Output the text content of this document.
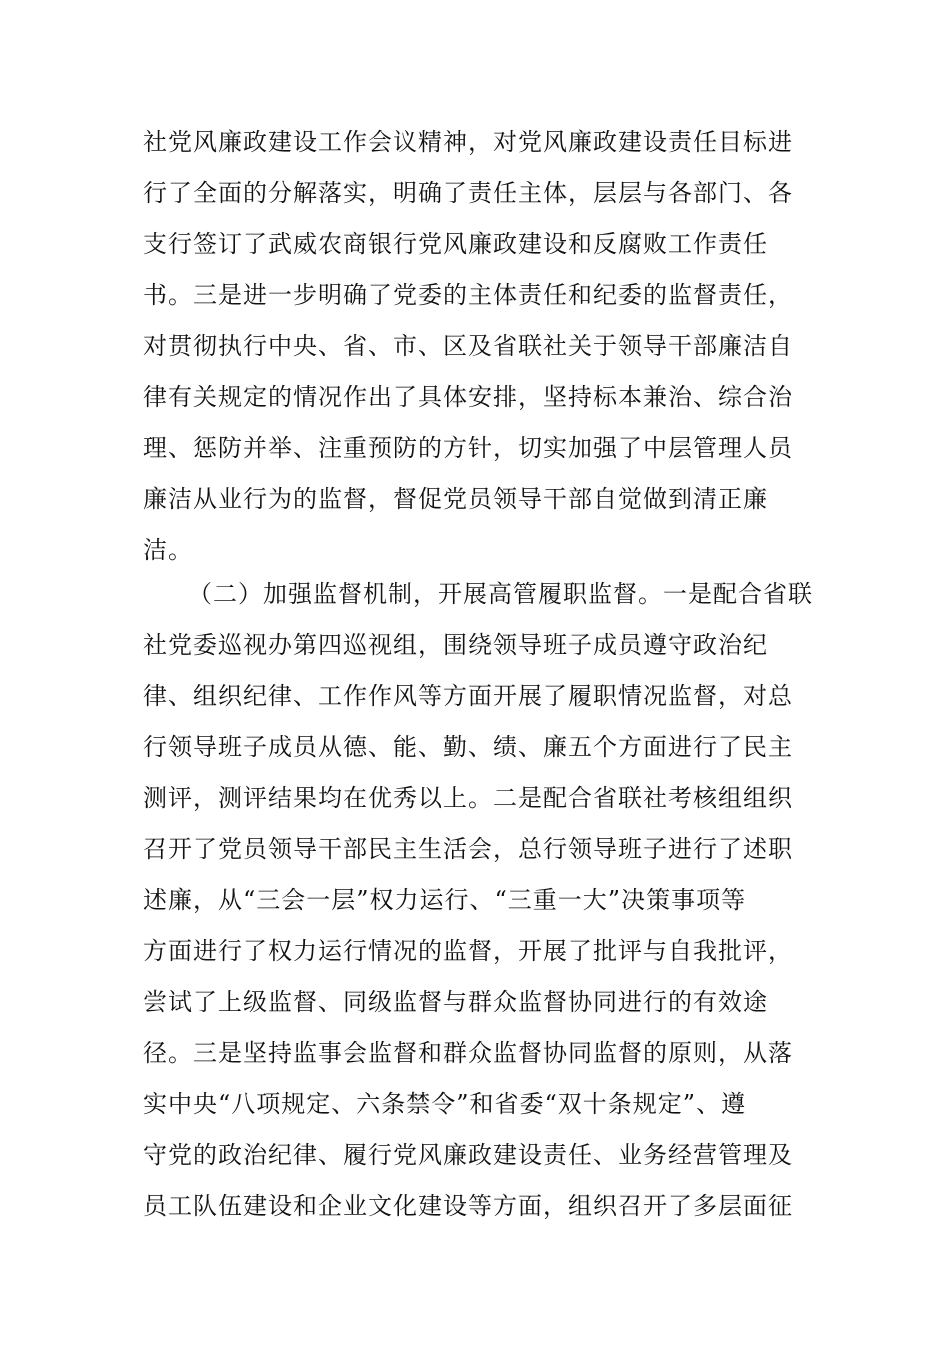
社党风廉政建设工作会议精神，对党风廉政建设责任目标进
行了全面的分解落实，明确了责任主体，层层与各部门、各
支行签订了武威农商银行党风廉政建设和反腐败工作责任
书。三是进一步明确了党委的主体责任和纪委的监督责任，
对贯彻执行中央、省、市、区及省联社关于领导干部廉洁自
律有关规定的情况作出了具体安排，坚持标本兼治、综合治
理、惩防并举、注重预防的方针，切实加强了中层管理人员
廉洁从业行为的监督，督促党员领导干部自觉做到清正廉
洁。
（二）加强监督机制，开展高管履职监督。一是配合省联
社党委巡视办第四巡视组，围绕领导班子成员遵守政治纪
律、组织纪律、工作作风等方面开展了履职情况监督，对总
行领导班子成员从德、能、勤、绩、廉五个方面进行了民主
测评，测评结果均在优秀以上。二是配合省联社考核组组织
召开了党员领导干部民主生活会，总行领导班子进行了述职
述廉，从“三会一层”权力运行、“三重一大”决策事项等
方面进行了权力运行情况的监督，开展了批评与自我批评，
尝试了上级监督、同级监督与群众监督协同进行的有效途
径。三是坚持监事会监督和群众监督协同监督的原则，从落
实中央“八项规定、六条禁令”和省委“双十条规定”、遵
守党的政治纪律、履行党风廉政建设责任、业务经营管理及
员工队伍建设和企业文化建设等方面，组织召开了多层面征
